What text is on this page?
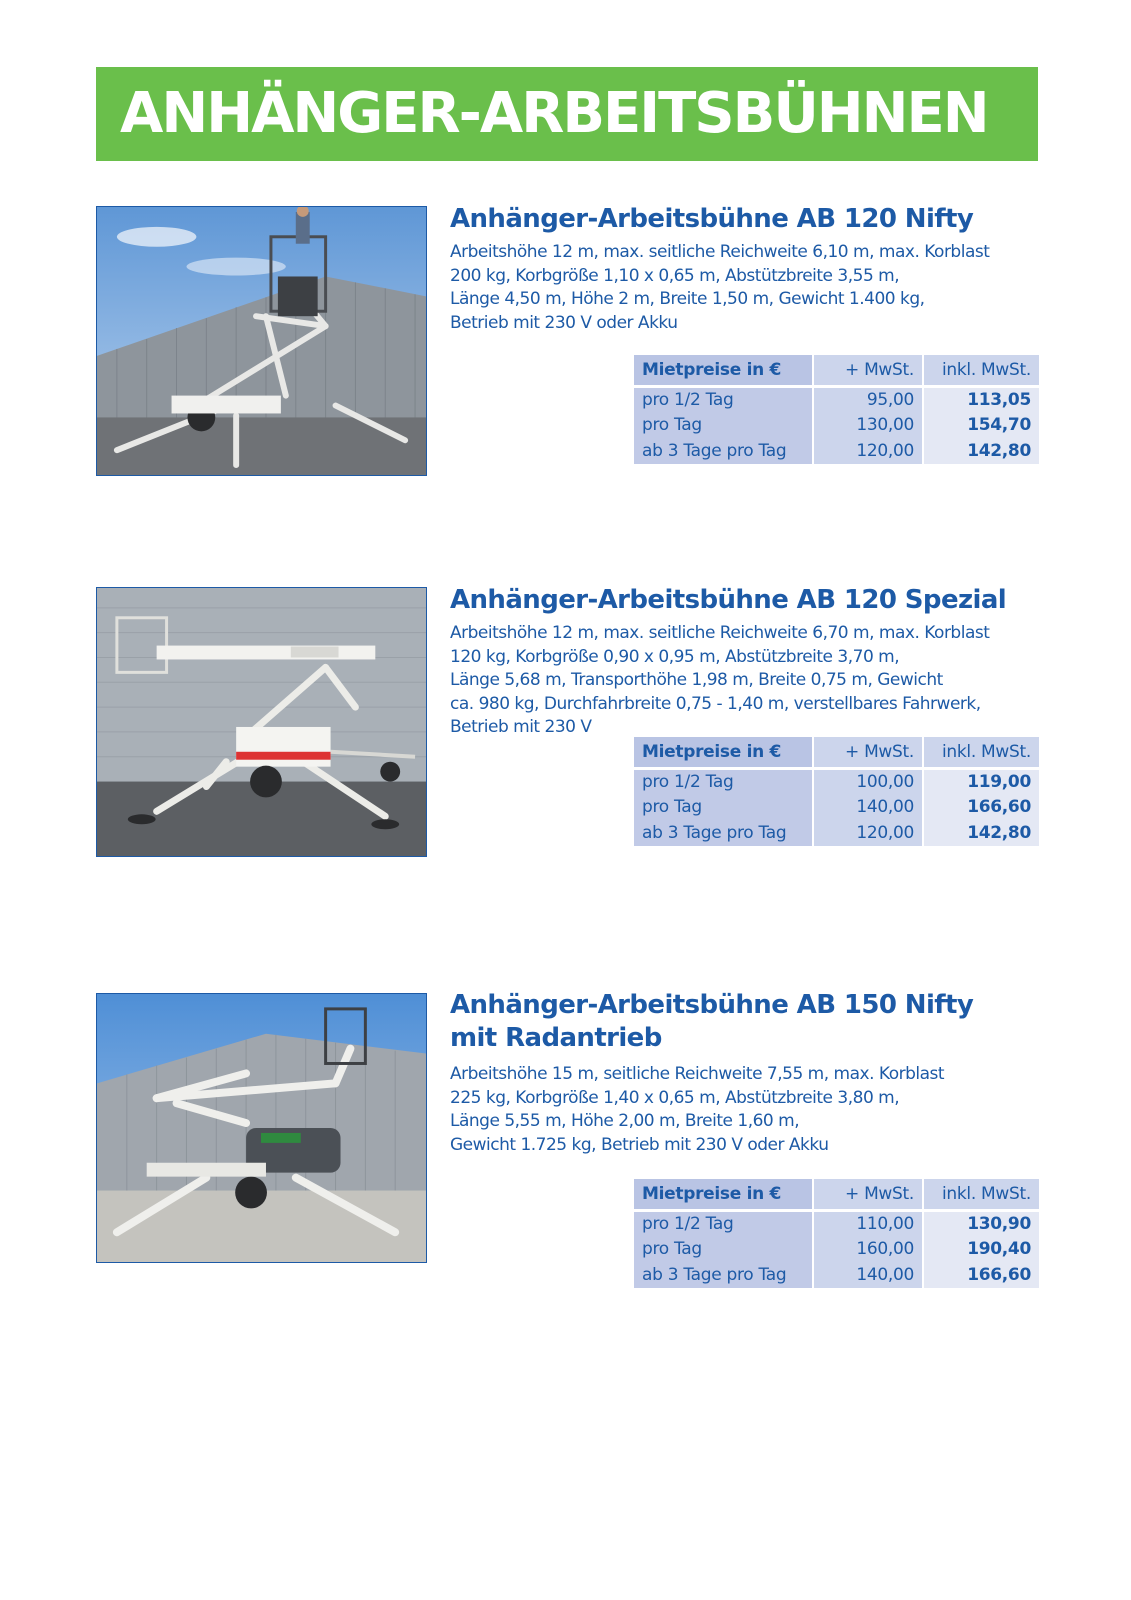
ANHÄNGER-ARBEITSBÜHNEN
Anhänger-Arbeitsbühne AB 120 Nifty
Arbeitshöhe 12 m, max. seitliche Reichweite 6,10 m, max. Korblast
200 kg, Korbgröße 1,10 x 0,65 m, Abstützbreite 3,55 m,
Länge 4,50 m, Höhe 2 m, Breite 1,50 m, Gewicht 1.400 kg,
Betrieb mit 230 V oder Akku
Mietpreise in €	+ MwSt.	inkl. MwSt.
pro 1/2 Tag	95,00	113,05
pro Tag	130,00	154,70
ab 3 Tage pro Tag	120,00	142,80
Anhänger-Arbeitsbühne AB 120 Spezial
Arbeitshöhe 12 m, max. seitliche Reichweite 6,70 m, max. Korblast
120 kg, Korbgröße 0,90 x 0,95 m, Abstützbreite 3,70 m,
Länge 5,68 m, Transporthöhe 1,98 m, Breite 0,75 m, Gewicht
ca. 980 kg, Durchfahrbreite 0,75 - 1,40 m, verstellbares Fahrwerk,
Betrieb mit 230 V
Mietpreise in €	+ MwSt.	inkl. MwSt.
pro 1/2 Tag	100,00	119,00
pro Tag	140,00	166,60
ab 3 Tage pro Tag	120,00	142,80
Anhänger-Arbeitsbühne AB 150 Nifty
mit Radantrieb
Arbeitshöhe 15 m, seitliche Reichweite 7,55 m, max. Korblast
225 kg, Korbgröße 1,40 x 0,65 m, Abstützbreite 3,80 m,
Länge 5,55 m, Höhe 2,00 m, Breite 1,60 m,
Gewicht 1.725 kg, Betrieb mit 230 V oder Akku
Mietpreise in €	+ MwSt.	inkl. MwSt.
pro 1/2 Tag	110,00	130,90
pro Tag	160,00	190,40
ab 3 Tage pro Tag	140,00	166,60
